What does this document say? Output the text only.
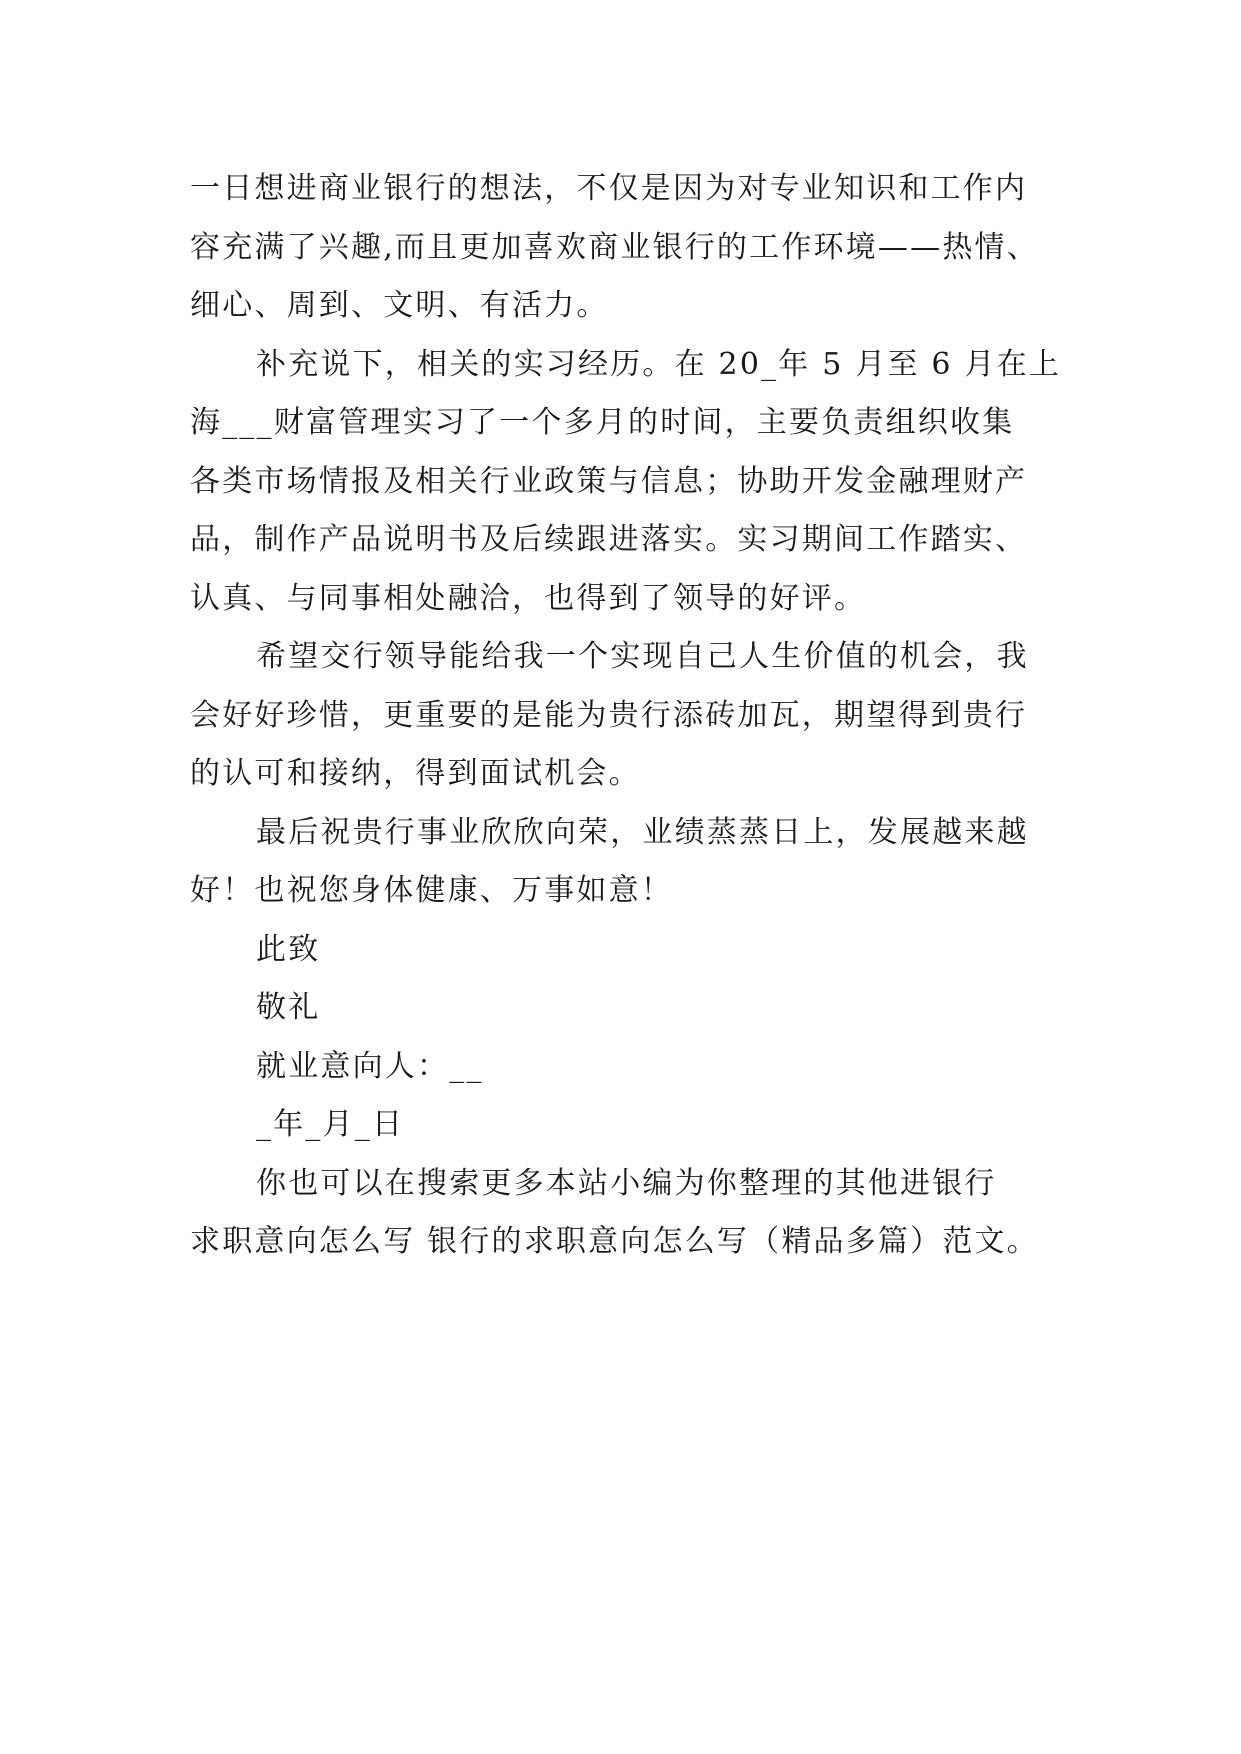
一日想进商业银行的想法，不仅是因为对专业知识和工作内
容充满了兴趣,而且更加喜欢商业银行的工作环境——热情、
细心、周到、文明、有活力。
补充说下，相关的实习经历。在 20_年 5 月至 6 月在上
海___财富管理实习了一个多月的时间，主要负责组织收集
各类市场情报及相关行业政策与信息；协助开发金融理财产
品，制作产品说明书及后续跟进落实。实习期间工作踏实、
认真、与同事相处融洽，也得到了领导的好评。
希望交行领导能给我一个实现自己人生价值的机会，我
会好好珍惜，更重要的是能为贵行添砖加瓦，期望得到贵行
的认可和接纳，得到面试机会。
最后祝贵行事业欣欣向荣，业绩蒸蒸日上，发展越来越
好！也祝您身体健康、万事如意！
此致
敬礼
就业意向人：__
_年_月_日
你也可以在搜索更多本站小编为你整理的其他进银行
求职意向怎么写 银行的求职意向怎么写（精品多篇）范文。
